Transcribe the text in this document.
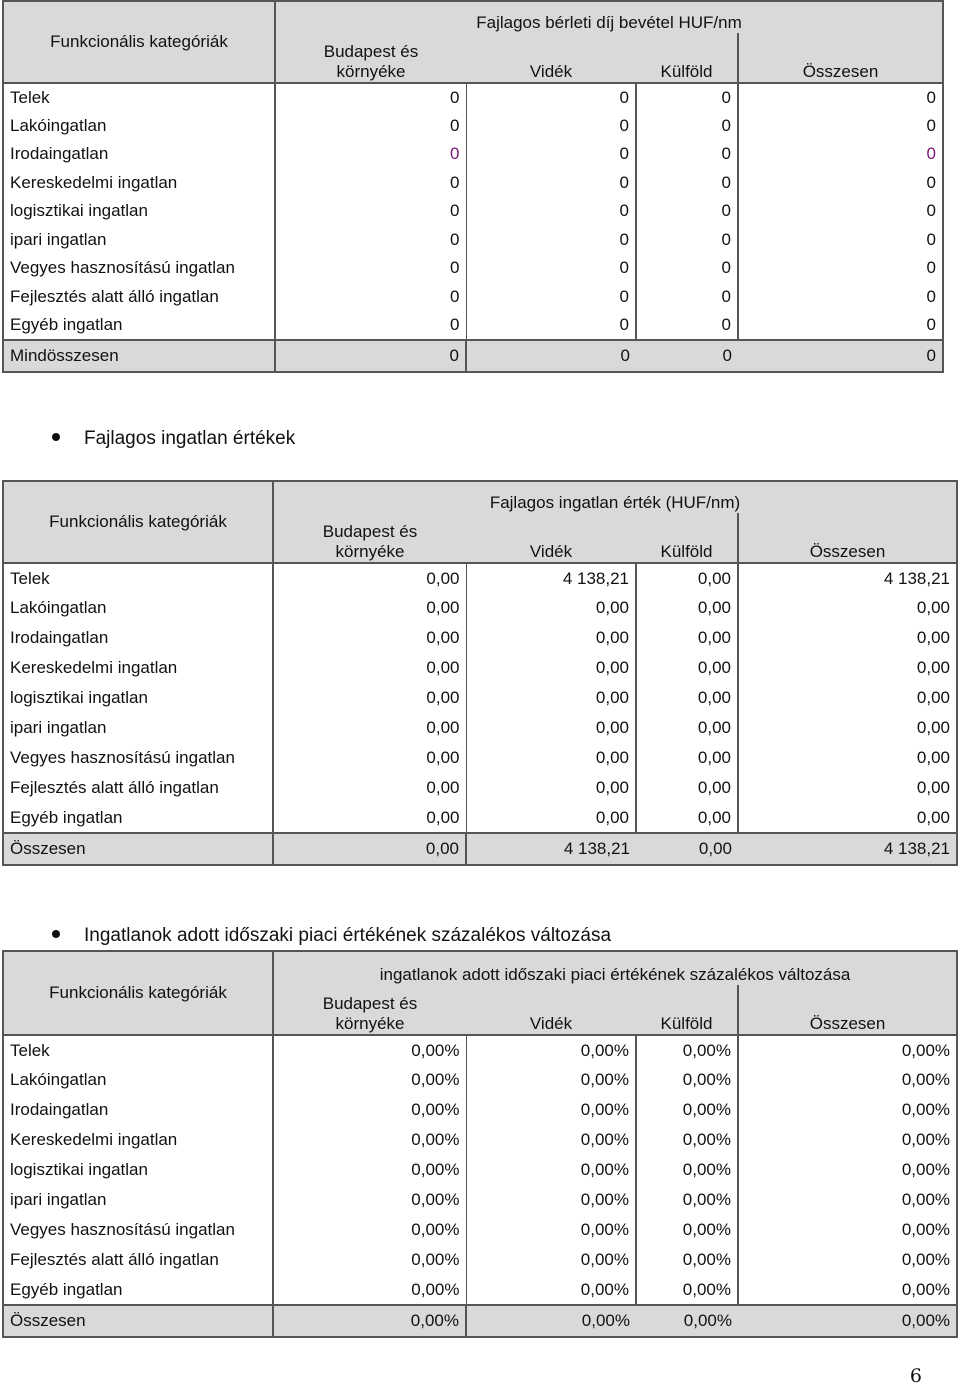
Funkcionális kategóriák	Fajlagos bérleti díj bevétel HUF/nm			
	Budapest és
környéke	Vidék	Külföld	Összesen
Telek	0	0	0	0
Lakóingatlan	0	0	0	0
Irodaingatlan	0	0	0	0
Kereskedelmi ingatlan	0	0	0	0
logisztikai ingatlan	0	0	0	0
ipari ingatlan	0	0	0	0
Vegyes hasznosítású ingatlan	0	0	0	0
Fejlesztés alatt álló ingatlan	0	0	0	0
Egyéb ingatlan	0	0	0	0
Mindösszesen	0	0	0	0
Fajlagos ingatlan értékek
Funkcionális kategóriák	Fajlagos ingatlan érték (HUF/nm)			
	Budapest és
környéke	Vidék	Külföld	Összesen
Telek	0,00	4 138,21	0,00	4 138,21
Lakóingatlan	0,00	0,00	0,00	0,00
Irodaingatlan	0,00	0,00	0,00	0,00
Kereskedelmi ingatlan	0,00	0,00	0,00	0,00
logisztikai ingatlan	0,00	0,00	0,00	0,00
ipari ingatlan	0,00	0,00	0,00	0,00
Vegyes hasznosítású ingatlan	0,00	0,00	0,00	0,00
Fejlesztés alatt álló ingatlan	0,00	0,00	0,00	0,00
Egyéb ingatlan	0,00	0,00	0,00	0,00
Összesen	0,00	4 138,21	0,00	4 138,21
Ingatlanok adott időszaki piaci értékének százalékos változása
Funkcionális kategóriák	ingatlanok adott időszaki piaci értékének százalékos változása			
	Budapest és
környéke	Vidék	Külföld	Összesen
Telek	0,00%	0,00%	0,00%	0,00%
Lakóingatlan	0,00%	0,00%	0,00%	0,00%
Irodaingatlan	0,00%	0,00%	0,00%	0,00%
Kereskedelmi ingatlan	0,00%	0,00%	0,00%	0,00%
logisztikai ingatlan	0,00%	0,00%	0,00%	0,00%
ipari ingatlan	0,00%	0,00%	0,00%	0,00%
Vegyes hasznosítású ingatlan	0,00%	0,00%	0,00%	0,00%
Fejlesztés alatt álló ingatlan	0,00%	0,00%	0,00%	0,00%
Egyéb ingatlan	0,00%	0,00%	0,00%	0,00%
Összesen	0,00%	0,00%	0,00%	0,00%
6
